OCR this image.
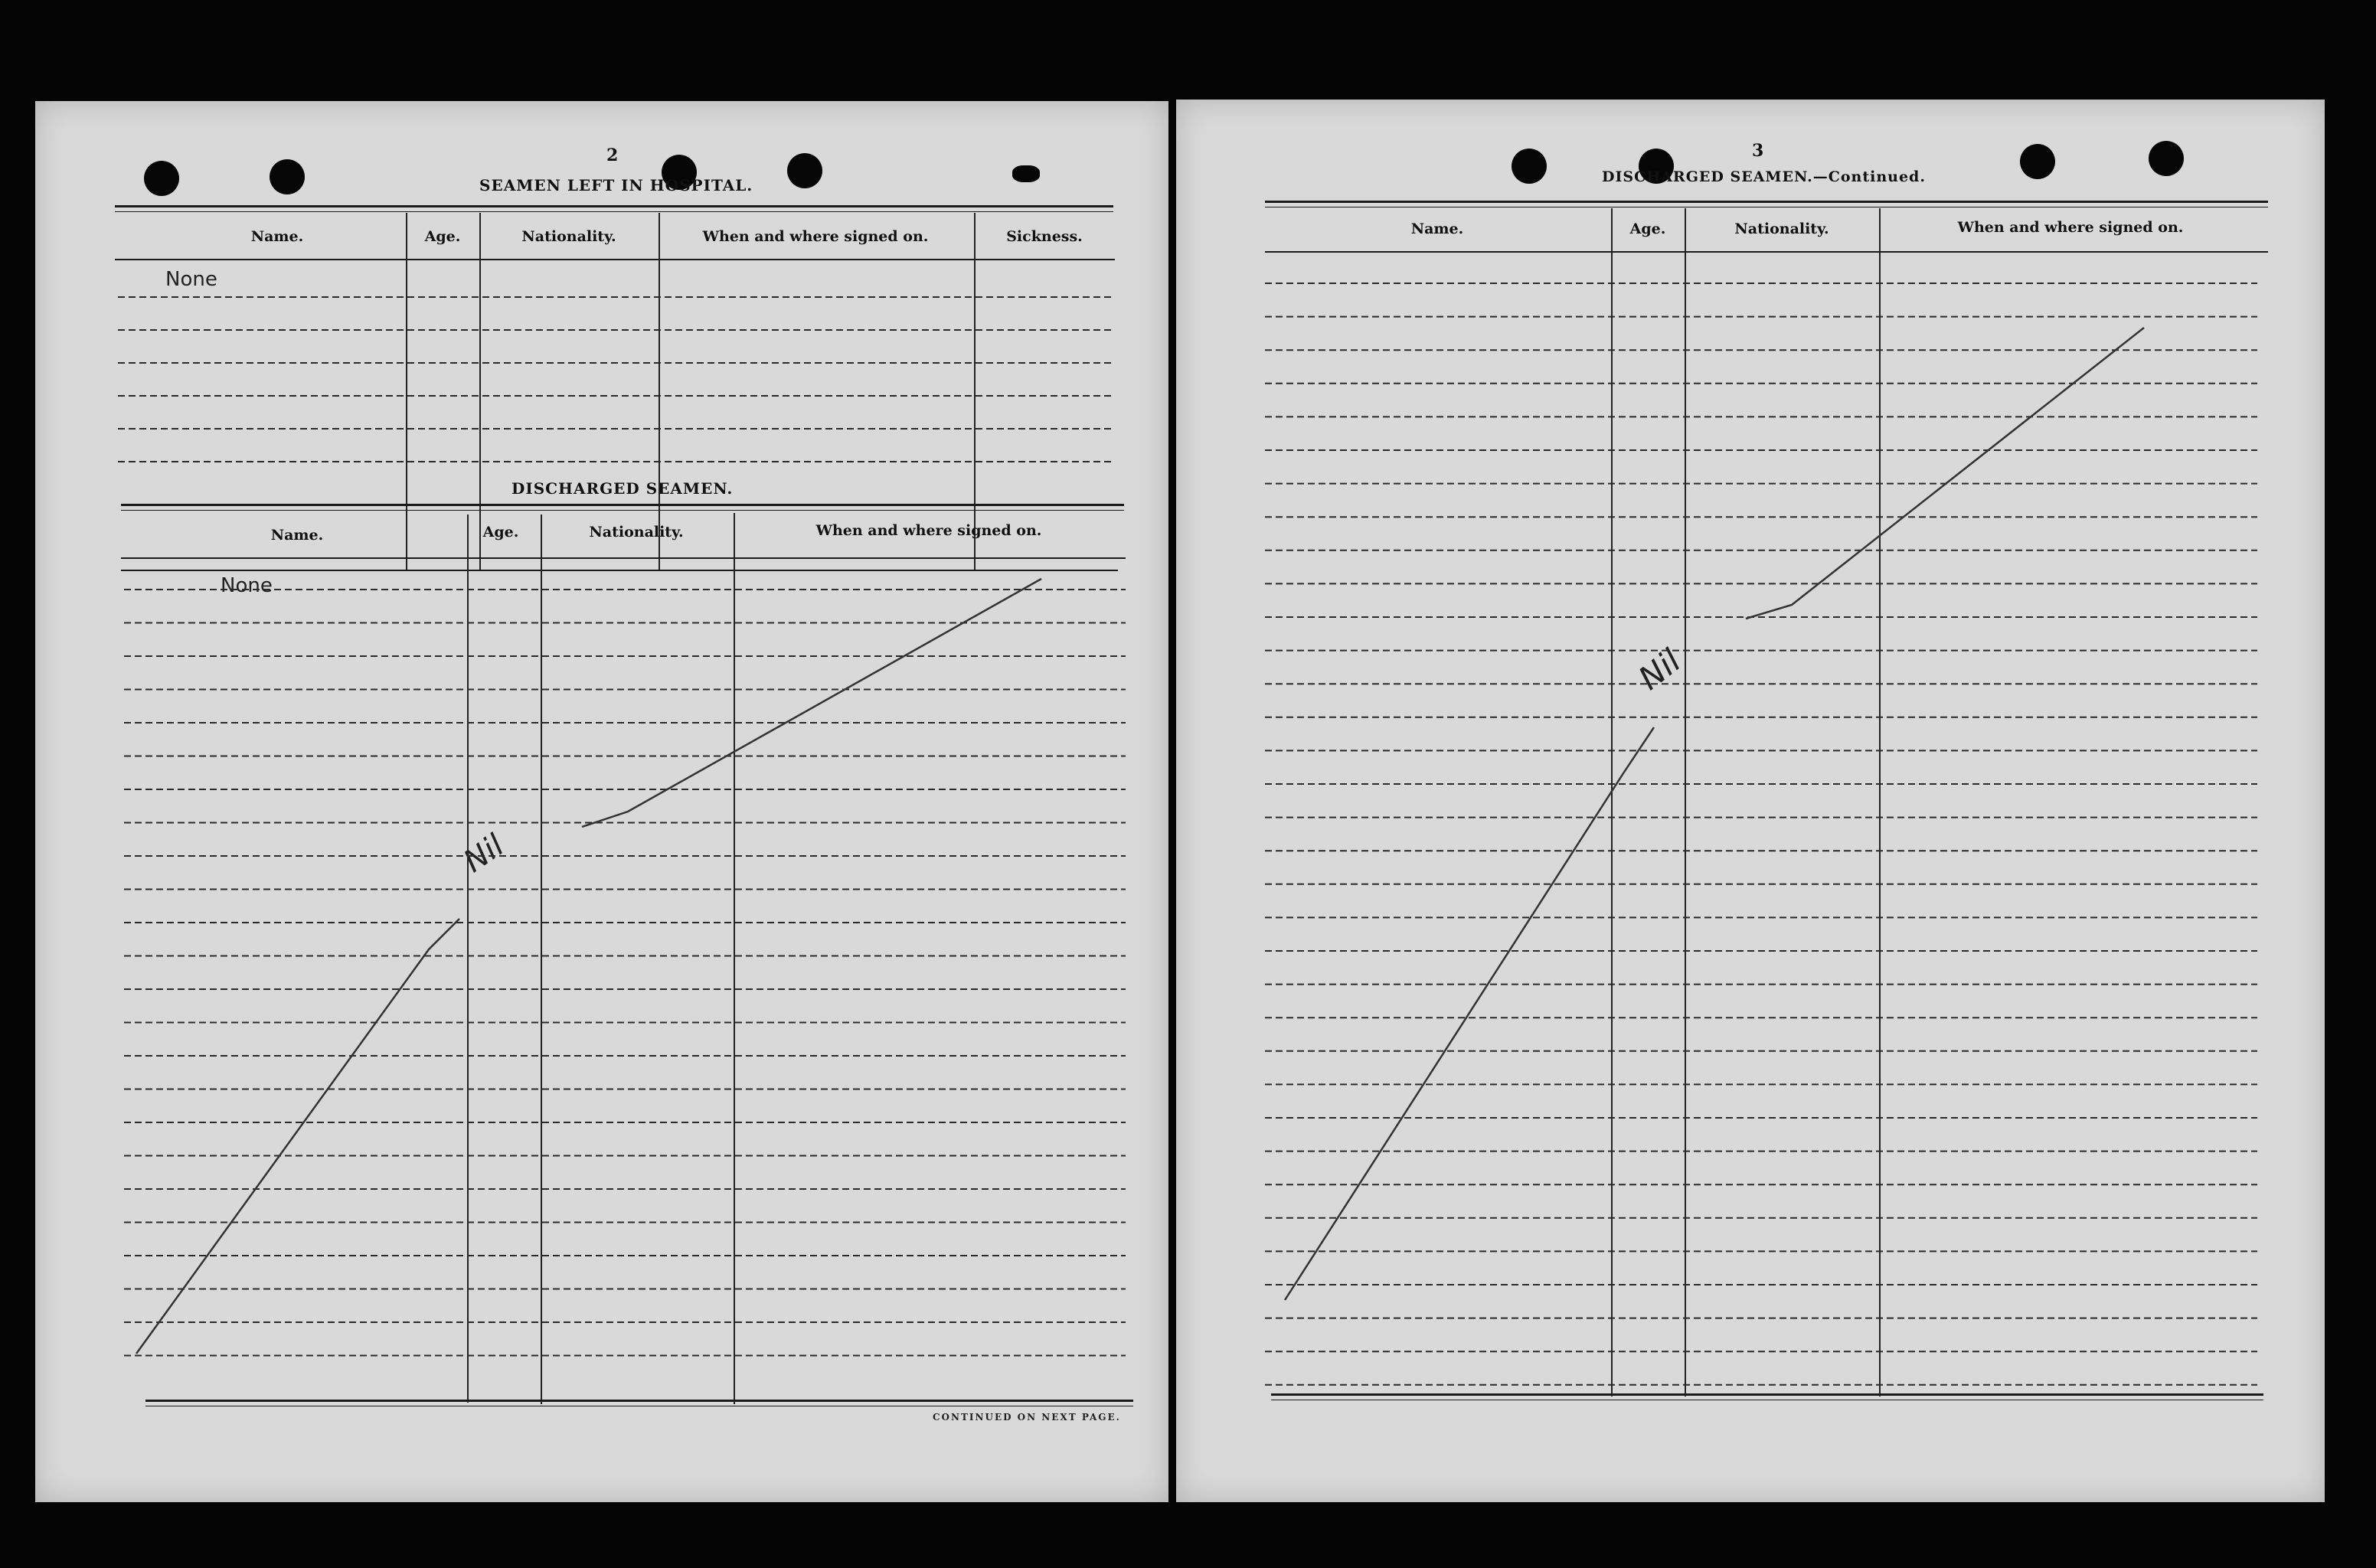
2
SEAMEN LEFT IN HOSPITAL.
Name.	Age.	Nationality.	When and where signed on.	Sickness.
None
DISCHARGED SEAMEN.
Name.	Age.	Nationality.	When and where signed on.
None
Nil
CONTINUED ON NEXT PAGE.
3
DISCHARGED SEAMEN.—Continued.
Name.	Age.	Nationality.	When and where signed on.
Nil
